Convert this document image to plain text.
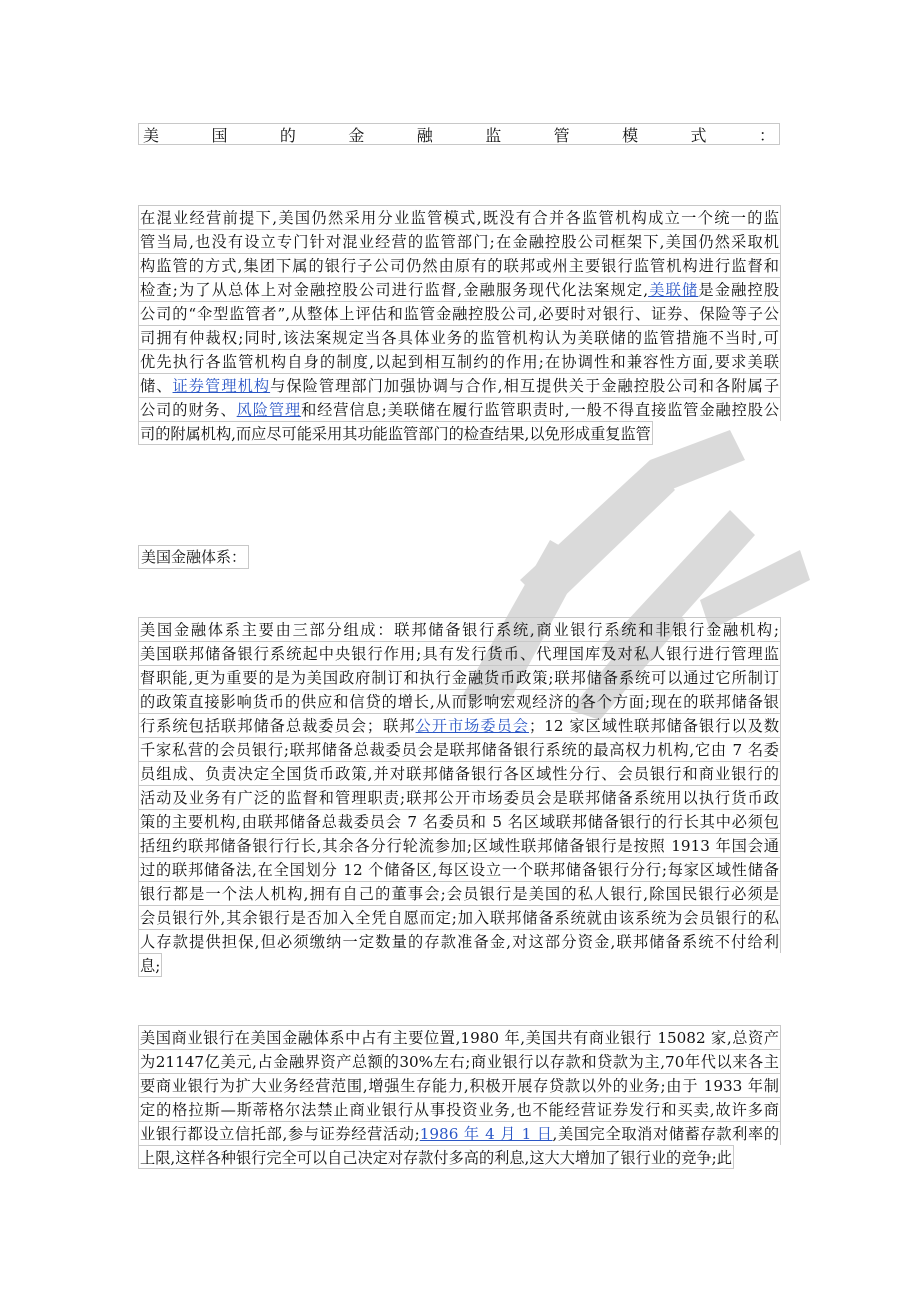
美	国	的	金	融	监	管	模	式	：
在混业经营前提下,美国仍然采用分业监管模式,既没有合并各监管机构成立一个统一的监
管当局,也没有设立专门针对混业经营的监管部门;在金融控股公司框架下,美国仍然采取机
构监管的方式,集团下属的银行子公司仍然由原有的联邦或州主要银行监管机构进行监督和
检查;为了从总体上对金融控股公司进行监督,金融服务现代化法案规定,美联储是金融控股
公司的“伞型监管者”,从整体上评估和监管金融控股公司,必要时对银行、证券、保险等子公
司拥有仲裁权;同时,该法案规定当各具体业务的监管机构认为美联储的监管措施不当时,可
优先执行各监管机构自身的制度,以起到相互制约的作用;在协调性和兼容性方面,要求美联
储、证券管理机构与保险管理部门加强协调与合作,相互提供关于金融控股公司和各附属子
公司的财务、风险管理和经营信息;美联储在履行监管职责时,一般不得直接监管金融控股公
司的附属机构,而应尽可能采用其功能监管部门的检查结果,以免形成重复监管
美国金融体系：
美国金融体系主要由三部分组成：联邦储备银行系统,商业银行系统和非银行金融机构;
美国联邦储备银行系统起中央银行作用;具有发行货币、代理国库及对私人银行进行管理监
督职能,更为重要的是为美国政府制订和执行金融货币政策;联邦储备系统可以通过它所制订
的政策直接影响货币的供应和信贷的增长,从而影响宏观经济的各个方面;现在的联邦储备银
行系统包括联邦储备总裁委员会；联邦公开市场委员会；12 家区域性联邦储备银行以及数
千家私营的会员银行;联邦储备总裁委员会是联邦储备银行系统的最高权力机构,它由 7 名委
员组成、负责决定全国货币政策,并对联邦储备银行各区域性分行、会员银行和商业银行的
活动及业务有广泛的监督和管理职责;联邦公开市场委员会是联邦储备系统用以执行货币政
策的主要机构,由联邦储备总裁委员会 7 名委员和 5 名区域联邦储备银行的行长其中必须包
括纽约联邦储备银行行长,其余各分行轮流参加;区域性联邦储备银行是按照 1913 年国会通
过的联邦储备法,在全国划分 12 个储备区,每区设立一个联邦储备银行分行;每家区域性储备
银行都是一个法人机构,拥有自己的董事会;会员银行是美国的私人银行,除国民银行必须是
会员银行外,其余银行是否加入全凭自愿而定;加入联邦储备系统就由该系统为会员银行的私
人存款提供担保,但必须缴纳一定数量的存款准备金,对这部分资金,联邦储备系统不付给利
息;
美国商业银行在美国金融体系中占有主要位置,1980 年,美国共有商业银行 15082 家,总资产
为21147亿美元,占金融界资产总额的30%左右;商业银行以存款和贷款为主,70年代以来各主
要商业银行为扩大业务经营范围,增强生存能力,积极开展存贷款以外的业务;由于 1933 年制
定的格拉斯—斯蒂格尔法禁止商业银行从事投资业务,也不能经营证券发行和买卖,故许多商
业银行都设立信托部,参与证券经营活动;1986 年 4 月 1 日,美国完全取消对储蓄存款利率的
上限,这样各种银行完全可以自己决定对存款付多高的利息,这大大增加了银行业的竞争;此
